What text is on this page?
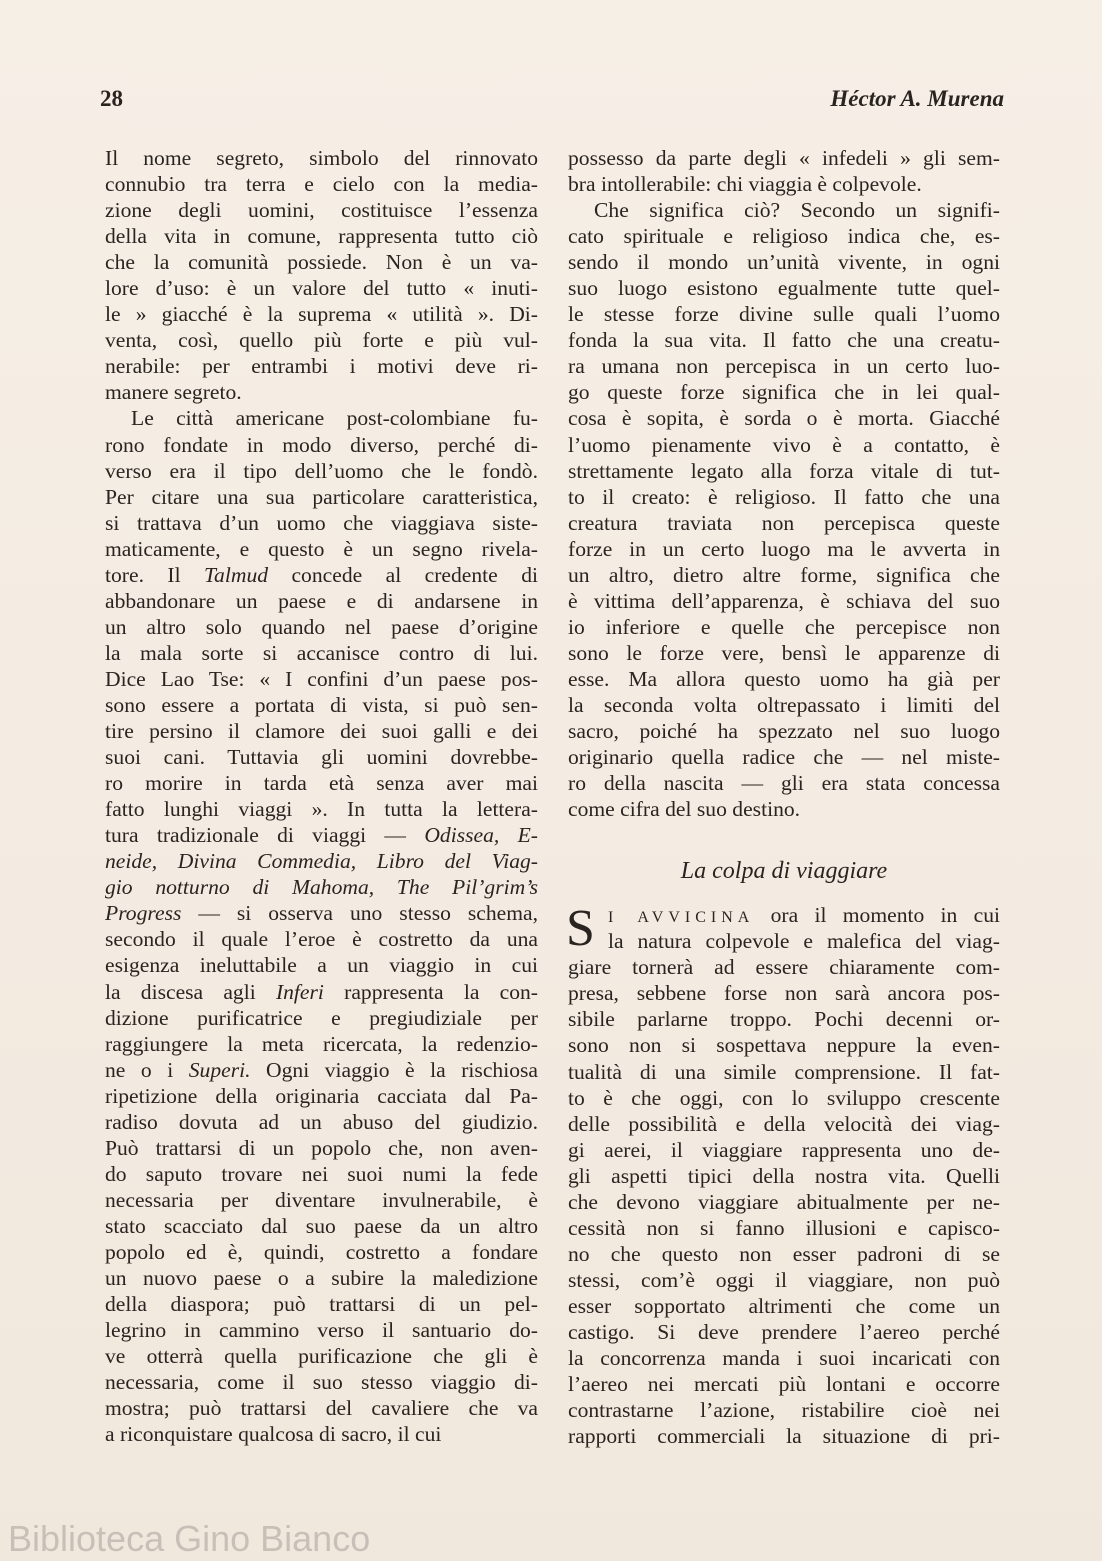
28	Héctor A. Murena
Il nome segreto, simbolo del rinnovato
connubio tra terra e cielo con la media-
zione degli uomini, costituisce l’essenza
della vita in comune, rappresenta tutto ciò
che la comunità possiede. Non è un va-
lore d’uso: è un valore del tutto « inuti-
le » giacché è la suprema « utilità ». Di-
venta, così, quello più forte e più vul-
nerabile: per entrambi i motivi deve ri-
manere segreto.
Le città americane post-colombiane fu-
rono fondate in modo diverso, perché di-
verso era il tipo dell’uomo che le fondò.
Per citare una sua particolare caratteristica,
si trattava d’un uomo che viaggiava siste-
maticamente, e questo è un segno rivela-
tore. Il Talmud concede al credente di
abbandonare un paese e di andarsene in
un altro solo quando nel paese d’origine
la mala sorte si accanisce contro di lui.
Dice Lao Tse: « I confini d’un paese pos-
sono essere a portata di vista, si può sen-
tire persino il clamore dei suoi galli e dei
suoi cani. Tuttavia gli uomini dovrebbe-
ro morire in tarda età senza aver mai
fatto lunghi viaggi ». In tutta la lettera-
tura tradizionale di viaggi — Odissea, E-
neide, Divina Commedia, Libro del Viag-
gio notturno di Mahoma, The Pil’grim’s
Progress — si osserva uno stesso schema,
secondo il quale l’eroe è costretto da una
esigenza ineluttabile a un viaggio in cui
la discesa agli Inferi rappresenta la con-
dizione purificatrice e pregiudiziale per
raggiungere la meta ricercata, la redenzio-
ne o i Superi. Ogni viaggio è la rischiosa
ripetizione della originaria cacciata dal Pa-
radiso dovuta ad un abuso del giudizio.
Può trattarsi di un popolo che, non aven-
do saputo trovare nei suoi numi la fede
necessaria per diventare invulnerabile, è
stato scacciato dal suo paese da un altro
popolo ed è, quindi, costretto a fondare
un nuovo paese o a subire la maledizione
della diaspora; può trattarsi di un pel-
legrino in cammino verso il santuario do-
ve otterrà quella purificazione che gli è
necessaria, come il suo stesso viaggio di-
mostra; può trattarsi del cavaliere che va
a riconquistare qualcosa di sacro, il cui
possesso da parte degli « infedeli » gli sem-
bra intollerabile: chi viaggia è colpevole.
Che significa ciò? Secondo un signifi-
cato spirituale e religioso indica che, es-
sendo il mondo un’unità vivente, in ogni
suo luogo esistono egualmente tutte quel-
le stesse forze divine sulle quali l’uomo
fonda la sua vita. Il fatto che una creatu-
ra umana non percepisca in un certo luo-
go queste forze significa che in lei qual-
cosa è sopita, è sorda o è morta. Giacché
l’uomo pienamente vivo è a contatto, è
strettamente legato alla forza vitale di tut-
to il creato: è religioso. Il fatto che una
creatura traviata non percepisca queste
forze in un certo luogo ma le avverta in
un altro, dietro altre forme, significa che
è vittima dell’apparenza, è schiava del suo
io inferiore e quelle che percepisce non
sono le forze vere, bensì le apparenze di
esse. Ma allora questo uomo ha già per
la seconda volta oltrepassato i limiti del
sacro, poiché ha spezzato nel suo luogo
originario quella radice che — nel miste-
ro della nascita — gli era stata concessa
come cifra del suo destino.
La colpa di viaggiare
S I AVVICINA ora il momento in cui
la natura colpevole e malefica del viag-
giare tornerà ad essere chiaramente com-
presa, sebbene forse non sarà ancora pos-
sibile parlarne troppo. Pochi decenni or-
sono non si sospettava neppure la even-
tualità di una simile comprensione. Il fat-
to è che oggi, con lo sviluppo crescente
delle possibilità e della velocità dei viag-
gi aerei, il viaggiare rappresenta uno de-
gli aspetti tipici della nostra vita. Quelli
che devono viaggiare abitualmente per ne-
cessità non si fanno illusioni e capisco-
no che questo non esser padroni di se
stessi, com’è oggi il viaggiare, non può
esser sopportato altrimenti che come un
castigo. Si deve prendere l’aereo perché
la concorrenza manda i suoi incaricati con
l’aereo nei mercati più lontani e occorre
contrastarne l’azione, ristabilire cioè nei
rapporti commerciali la situazione di pri-
Biblioteca Gino Bianco
